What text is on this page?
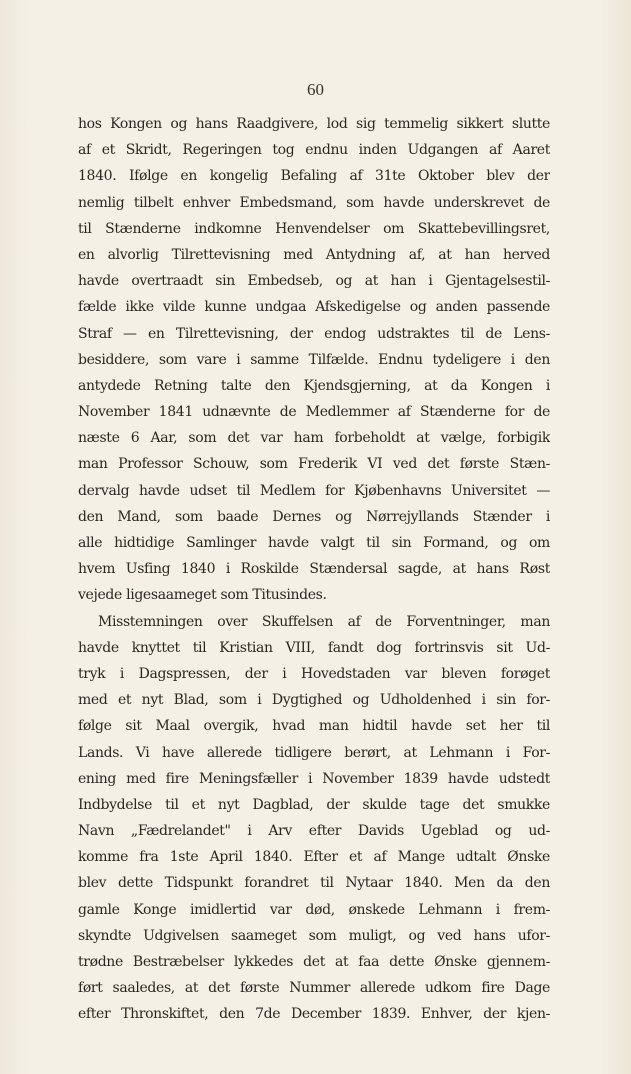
60
hos Kongen og hans Raadgivere, lod sig temmelig sikkert slutte
af et Skridt, Regeringen tog endnu inden Udgangen af Aaret
1840. Ifølge en kongelig Befaling af 31te Oktober blev der
nemlig tilbelt enhver Embedsmand, som havde underskrevet de
til Stænderne indkomne Henvendelser om Skattebevillingsret,
en alvorlig Tilrettevisning med Antydning af, at han herved
havde overtraadt sin Embedseb, og at han i Gjentagelsestil-
fælde ikke vilde kunne undgaa Afskedigelse og anden passende
Straf — en Tilrettevisning, der endog udstraktes til de Lens-
besiddere, som vare i samme Tilfælde. Endnu tydeligere i den
antydede Retning talte den Kjendsgjerning, at da Kongen i
November 1841 udnævnte de Medlemmer af Stænderne for de
næste 6 Aar, som det var ham forbeholdt at vælge, forbigik
man Professor Schouw, som Frederik VI ved det første Stæn-
dervalg havde udset til Medlem for Kjøbenhavns Universitet —
den Mand, som baade Dernes og Nørrejyllands Stænder i
alle hidtidige Samlinger havde valgt til sin Formand, og om
hvem Usfing 1840 i Roskilde Stændersal sagde, at hans Røst
vejede ligesaameget som Titusindes.
Misstemningen over Skuffelsen af de Forventninger, man
havde knyttet til Kristian VIII, fandt dog fortrinsvis sit Ud-
tryk i Dagspressen, der i Hovedstaden var bleven forøget
med et nyt Blad, som i Dygtighed og Udholdenhed i sin for-
følge sit Maal overgik, hvad man hidtil havde set her til
Lands. Vi have allerede tidligere berørt, at Lehmann i For-
ening med fire Meningsfæller i November 1839 havde udstedt
Indbydelse til et nyt Dagblad, der skulde tage det smukke
Navn „Fædrelandet" i Arv efter Davids Ugeblad og ud-
komme fra 1ste April 1840. Efter et af Mange udtalt Ønske
blev dette Tidspunkt forandret til Nytaar 1840. Men da den
gamle Konge imidlertid var død, ønskede Lehmann i frem-
skyndte Udgivelsen saameget som muligt, og ved hans ufor-
trødne Bestræbelser lykkedes det at faa dette Ønske gjennem-
ført saaledes, at det første Nummer allerede udkom fire Dage
efter Thronskiftet, den 7de December 1839. Enhver, der kjen-
